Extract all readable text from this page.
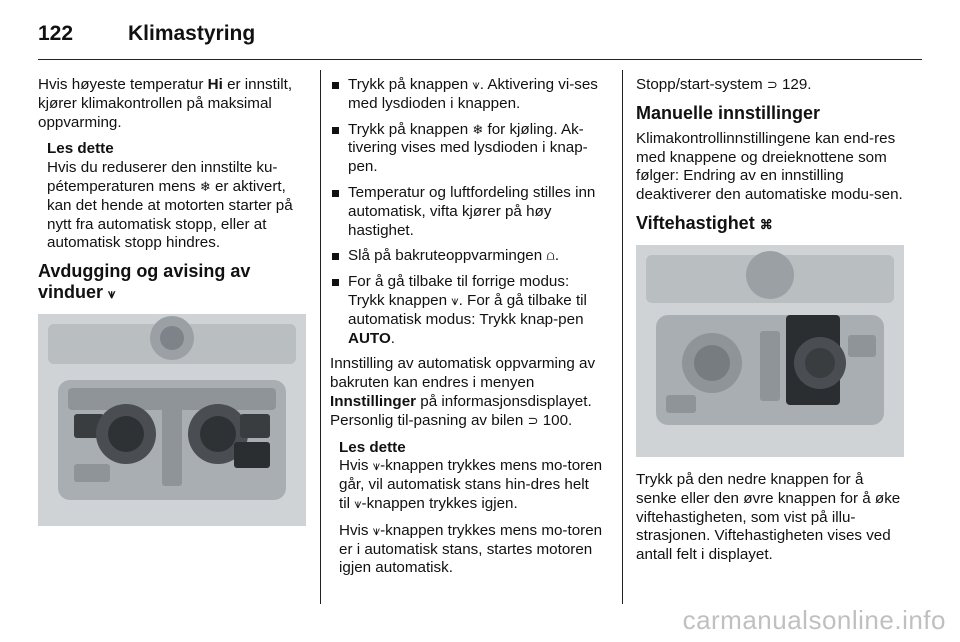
122	Klimastyring

Hvis høyeste temperatur Hi er innstilt, kjører klimakontrollen på maksimal oppvarming.

Les dette

Hvis du reduserer den innstilte ku-pétemperaturen mens ❄ er aktivert, kan det hende at motorten starter på nytt fra automatisk stopp, eller at automatisk stopp hindres.

Avdugging og avising av vinduer ⩛
Trykk på knappen ⩛. Aktivering vi-ses med lysdioden i knappen.
Trykk på knappen ❄ for kjøling. Ak-tivering vises med lysdioden i knap-pen.
Temperatur og luftfordeling stilles inn automatisk, vifta kjører på høy hastighet.
Slå på bakruteoppvarmingen ⩍.
For å gå tilbake til forrige modus: Trykk knappen ⩛. For å gå tilbake til automatisk modus: Trykk knap-pen AUTO.

Innstilling av automatisk oppvarming av bakruten kan endres i menyen Innstillinger på informasjonsdisplayet. Personlig til-pasning av bilen ⊃ 100.

Les dette

Hvis ⩛-knappen trykkes mens mo-toren går, vil automatisk stans hin-dres helt til ⩛-knappen trykkes igjen.

Hvis ⩛-knappen trykkes mens mo-toren er i automatisk stans, startes motoren igjen automatisk.

Stopp/start-system ⊃ 129.

Manuelle innstillinger

Klimakontrollinnstillingene kan end-res med knappene og dreieknottene som følger: Endring av en innstilling deaktiverer den automatiske modu-sen.

Viftehastighet ⌘

Trykk på den nedre knappen for å senke eller den øvre knappen for å øke viftehastigheten, som vist på illu-strasjonen. Viftehastigheten vises ved antall felt i displayet.

carmanualsonline.info
